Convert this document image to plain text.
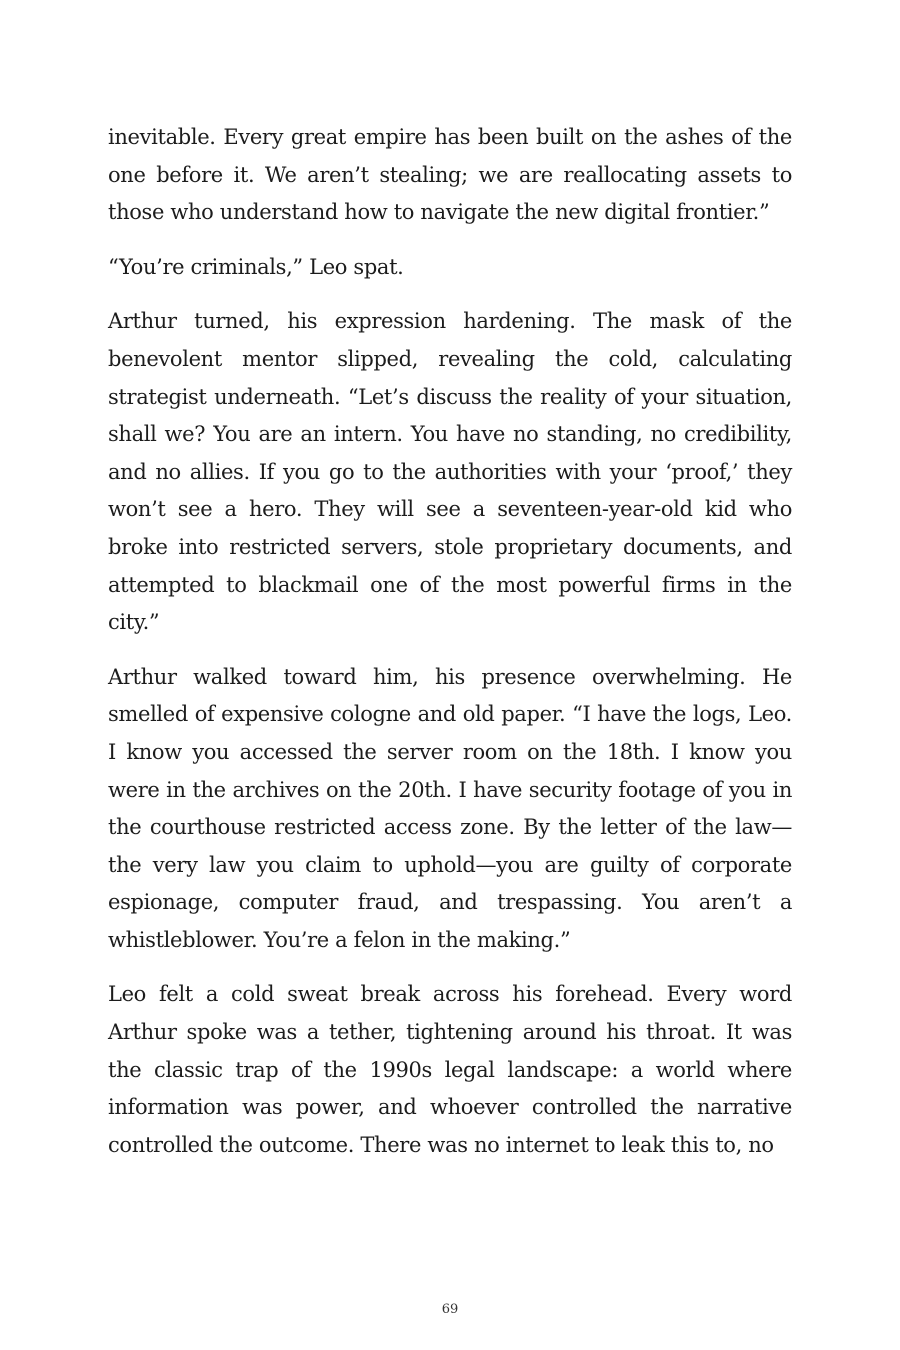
inevitable. Every great empire has been built on the ashes of the one before it. We aren’t stealing; we are reallocating assets to those who understand how to navigate the new digital frontier.”

“You’re criminals,” Leo spat.

Arthur turned, his expression hardening. The mask of the benevolent mentor slipped, revealing the cold, calculating strategist underneath. “Let’s discuss the reality of your situation, shall we? You are an intern. You have no standing, no credibility, and no allies. If you go to the authorities with your ‘proof,’ they won’t see a hero. They will see a seventeen-year-old kid who broke into restricted servers, stole proprietary documents, and attempted to blackmail one of the most powerful firms in the city.”

Arthur walked toward him, his presence overwhelming. He smelled of expensive cologne and old paper. “I have the logs, Leo. I know you accessed the server room on the 18th. I know you were in the archives on the 20th. I have security footage of you in the courthouse restricted access zone. By the letter of the law—the very law you claim to uphold—you are guilty of corporate espionage, computer fraud, and trespassing. You aren’t a whistleblower. You’re a felon in the making.”

Leo felt a cold sweat break across his forehead. Every word Arthur spoke was a tether, tightening around his throat. It was the classic trap of the 1990s legal landscape: a world where information was power, and whoever controlled the narrative controlled the outcome. There was no internet to leak this to, no

69
